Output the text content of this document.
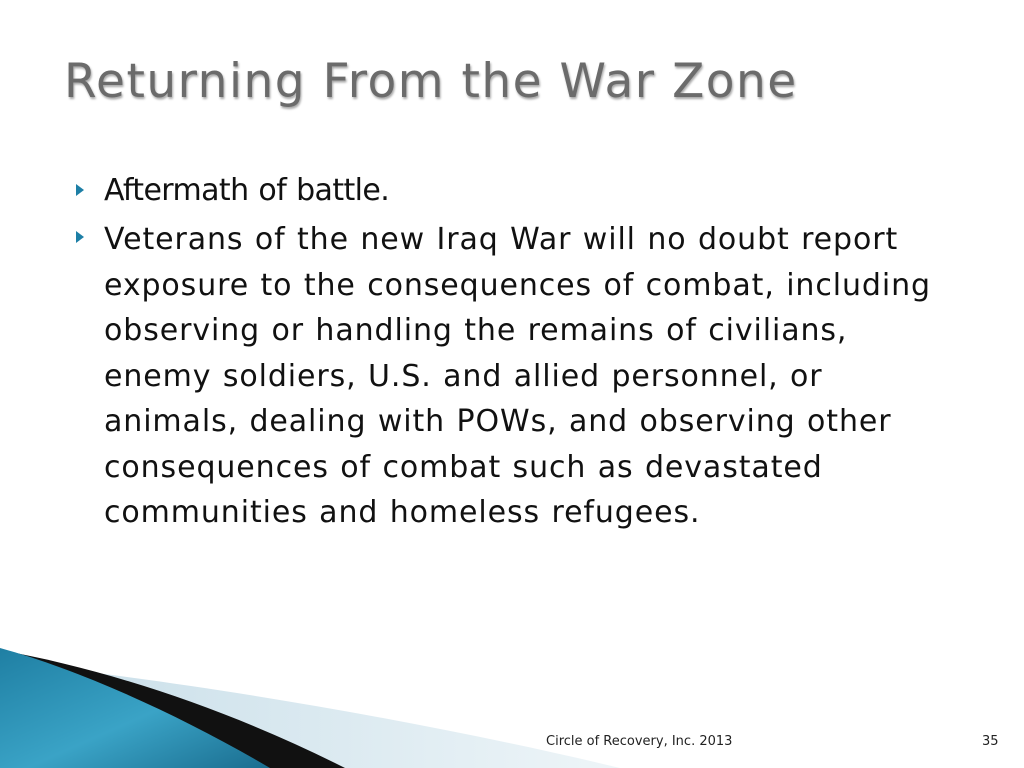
Returning From the War Zone
Aftermath of battle.
Veterans of the new Iraq War will no doubt report exposure to the consequences of combat, including observing or handling the remains of civilians, enemy soldiers, U.S. and allied personnel, or animals, dealing with POWs, and observing other consequences of combat such as devastated communities and homeless refugees.
Circle of Recovery, Inc. 2013	35
